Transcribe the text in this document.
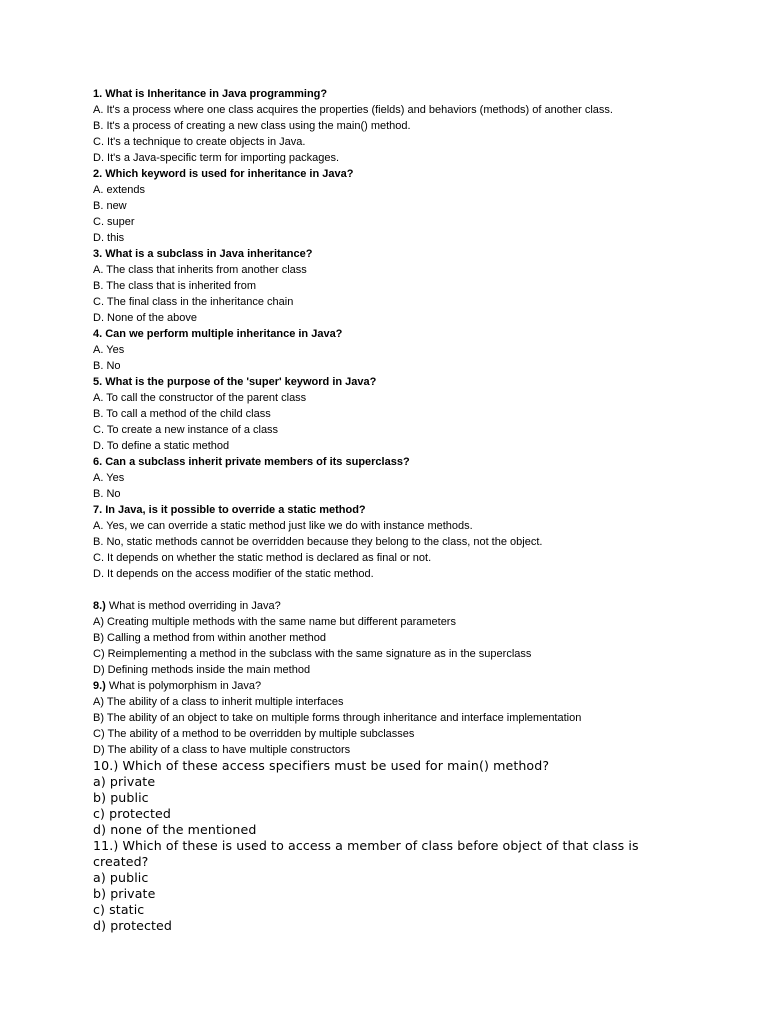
1. What is Inheritance in Java programming?
A. It's a process where one class acquires the properties (fields) and behaviors (methods) of another class.
B. It's a process of creating a new class using the main() method.
C. It's a technique to create objects in Java.
D. It's a Java-specific term for importing packages.
2. Which keyword is used for inheritance in Java?
A. extends
B. new
C. super
D. this
3. What is a subclass in Java inheritance?
A. The class that inherits from another class
B. The class that is inherited from
C. The final class in the inheritance chain
D. None of the above
4. Can we perform multiple inheritance in Java?
A. Yes
B. No
5. What is the purpose of the 'super' keyword in Java?
A. To call the constructor of the parent class
B. To call a method of the child class
C. To create a new instance of a class
D. To define a static method
6. Can a subclass inherit private members of its superclass?
A. Yes
B. No
7. In Java, is it possible to override a static method?
A. Yes, we can override a static method just like we do with instance methods.
B. No, static methods cannot be overridden because they belong to the class, not the object.
C. It depends on whether the static method is declared as final or not.
D. It depends on the access modifier of the static method.
8.) What is method overriding in Java?
A) Creating multiple methods with the same name but different parameters
B) Calling a method from within another method
C) Reimplementing a method in the subclass with the same signature as in the superclass
D) Defining methods inside the main method
9.) What is polymorphism in Java?
A) The ability of a class to inherit multiple interfaces
B) The ability of an object to take on multiple forms through inheritance and interface implementation
C) The ability of a method to be overridden by multiple subclasses
D) The ability of a class to have multiple constructors
10.) Which of these access specifiers must be used for main() method?
a) private
b) public
c) protected
d) none of the mentioned
11.) Which of these is used to access a member of class before object of that class is created?
a) public
b) private
c) static
d) protected
